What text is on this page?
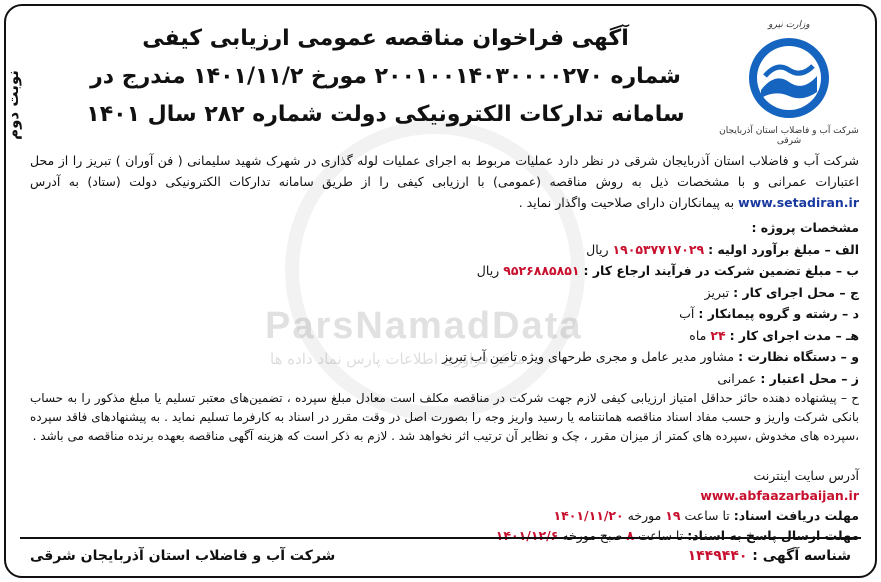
ParsNamadData
مرکز فراوری اطلاعات پارس نماد داده ها
نوبت دوم
وزارت نیرو
شرکت آب و فاضلاب استان آذربایجان شرقی
آگهی فراخوان مناقصه عمومی ارزیابی کیفی
شماره ۲۰۰۱۰۰۱۴۰۳۰۰۰۰۲۷۰ مورخ ۱۴۰۱/۱۱/۲ مندرج در
سامانه تدارکات الکترونیکی دولت شماره ۲۸۲ سال ۱۴۰۱
شرکت آب و فاضلاب استان آذربایجان شرقی در نظر دارد عملیات مربوط به اجرای عملیات لوله گذاری در شهرک شهید سلیمانی ( فن آوران ) تبریز را از محل اعتبارات عمرانی و با مشخصات ذیل به روش مناقصه (عمومی) با ارزیابی کیفی را از طریق سامانه تدارکات الکترونیکی دولت (ستاد) به آدرس www.setadiran.ir به پیمانکاران دارای صلاحیت واگذار نماید .
مشخصات پروژه :
الف – مبلغ برآورد اولیه : ۱۹۰۵۳۷۷۱۷۰۲۹ ریال
ب – مبلغ تضمین شرکت در فرآیند ارجاع کار : ۹۵۲۶۸۸۵۸۵۱ ریال
ج – محل اجرای کار : تبریز
د – رشته و گروه پیمانکار : آب
هـ – مدت اجرای کار : ۲۴ ماه
و – دستگاه نظارت : مشاور مدیر عامل و مجری طرحهای ویژه تامین آب تبریز
ز – محل اعتبار : عمرانی
ح – پیشنهاده دهنده حائز حداقل امتیاز ارزیابی کیفی لازم جهت شرکت در مناقصه مکلف است معادل مبلغ سپرده ، تضمین‌های معتبر تسلیم یا مبلغ مذکور را به حساب بانکی شرکت واریز و حسب مفاد اسناد مناقصه همانتنامه یا رسید واریز وجه را بصورت اصل در وقت مقرر در اسناد به کارفرما تسلیم نماید . به پیشنهادهای فاقد سپرده ،سپرده های مخدوش ،سپرده های کمتر از میزان مقرر ، چک و نظایر آن ترتیب اثر نخواهد شد . لازم به ذکر است که هزینه آگهی مناقصه بعهده برنده مناقصه می باشد .
آدرس سایت اینترنت
www.abfaazarbaijan.ir
مهلت دریافت اسناد: تا ساعت ۱۹ مورخه ۱۴۰۱/۱۱/۲۰
مهلت ارسال پاسخ به اسناد: تا ساعت ۸ صبح مورخه ۱۴۰۱/۱۲/۶
شناسه آگهی : ۱۴۴۹۴۴۰
شرکت آب و فاضلاب استان آذربایجان شرقی
